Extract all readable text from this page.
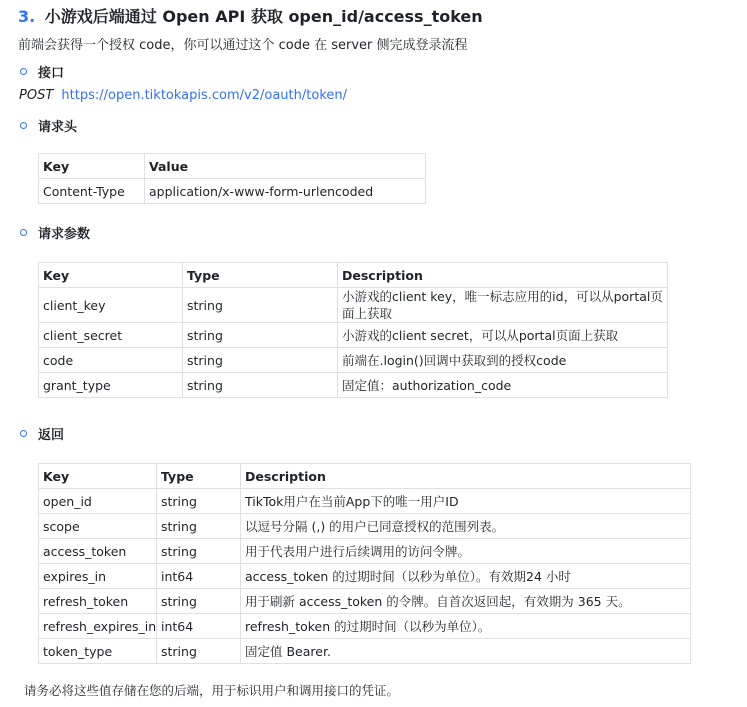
3. 小游戏后端通过 Open API 获取 open_id/access_token
前端会获得一个授权 code，你可以通过这个 code 在 server 侧完成登录流程
接口
POST https://open.tiktokapis.com/v2/oauth/token/
请求头
Key	Value
Content-Type	application/x-www-form-urlencoded
请求参数
Key	Type	Description
client_key	string	小游戏的client key，唯一标志应用的id，可以从portal页面上获取
client_secret	string	小游戏的client secret，可以从portal页面上获取
code	string	前端在.login()回调中获取到的授权code
grant_type	string	固定值：authorization_code
返回
Key	Type	Description
open_id	string	TikTok用户在当前App下的唯一用户ID
scope	string	以逗号分隔 (,) 的用户已同意授权的范围列表。
access_token	string	用于代表用户进行后续调用的访问令牌。
expires_in	int64	access_token 的过期时间（以秒为单位）。有效期24 小时
refresh_token	string	用于刷新 access_token 的令牌。自首次返回起，有效期为 365 天。
refresh_expires_in	int64	refresh_token 的过期时间（以秒为单位）。
token_type	string	固定值 Bearer.
请务必将这些值存储在您的后端，用于标识用户和调用接口的凭证。
